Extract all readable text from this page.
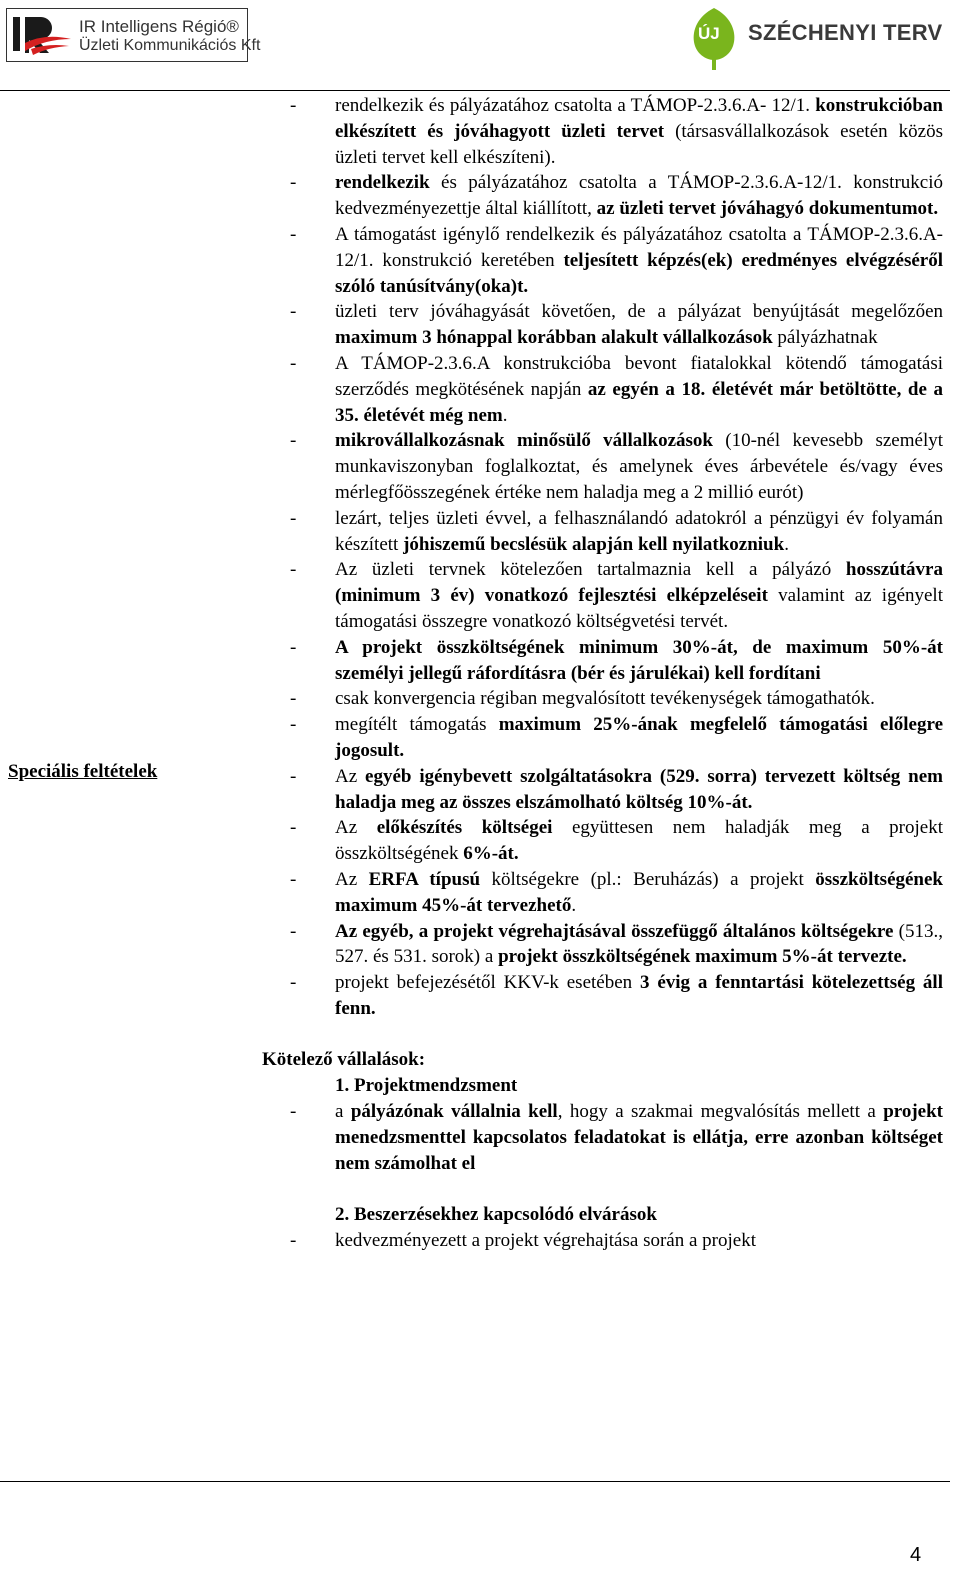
IR Intelligens Régió®
Üzleti Kommunikációs Kft
ÚJ SZÉCHENYI TERV
Speciális feltételek
- rendelkezik és pályázatához csatolta a TÁMOP-2.3.6.A- 12/1. konstrukcióban elkészített és jóváhagyott üzleti tervet (társasvállalkozások esetén közös üzleti tervet kell elkészíteni).
- rendelkezik és pályázatához csatolta a TÁMOP-2.3.6.A-12/1. konstrukció kedvezményezettje által kiállított, az üzleti tervet jóváhagyó dokumentumot.
- A támogatást igénylő rendelkezik és pályázatához csatolta a TÁMOP-2.3.6.A-12/1. konstrukció keretében teljesített képzés(ek) eredményes elvégzéséről szóló tanúsítvány(oka)t.
- üzleti terv jóváhagyását követően, de a pályázat benyújtását megelőzően maximum 3 hónappal korábban alakult vállalkozások pályázhatnak
- A TÁMOP-2.3.6.A konstrukcióba bevont fiatalokkal kötendő támogatási szerződés megkötésének napján az egyén a 18. életévét már betöltötte, de a 35. életévét még nem.
- mikrovállalkozásnak minősülő vállalkozások (10-nél kevesebb személyt munkaviszonyban foglalkoztat, és amelynek éves árbevétele és/vagy éves mérlegfőösszegének értéke nem haladja meg a 2 millió eurót)
- lezárt, teljes üzleti évvel, a felhasználandó adatokról a pénzügyi év folyamán készített jóhiszemű becslésük alapján kell nyilatkozniuk.
- Az üzleti tervnek kötelezően tartalmaznia kell a pályázó hosszútávra (minimum 3 év) vonatkozó fejlesztési elképzeléseit valamint az igényelt támogatási összegre vonatkozó költségvetési tervét.
- A projekt összköltségének minimum 30%-át, de maximum 50%-át személyi jellegű ráfordításra (bér és járulékai) kell fordítani
- csak konvergencia régiban megvalósított tevékenységek támogathatók.
- megítélt támogatás maximum 25%-ának megfelelő támogatási előlegre jogosult.
- Az egyéb igénybevett szolgáltatásokra (529. sorra) tervezett költség nem haladja meg az összes elszámolható költség 10%-át.
- Az előkészítés költségei együttesen nem haladják meg a projekt összköltségének 6%-át.
- Az ERFA típusú költségekre (pl.: Beruházás) a projekt összköltségének maximum 45%-át tervezhető.
- Az egyéb, a projekt végrehajtásával összefüggő általános költségekre (513., 527. és 531. sorok) a projekt összköltségének maximum 5%-át tervezte.
- projekt befejezésétől KKV-k esetében 3 évig a fenntartási kötelezettség áll fenn.
Kötelező vállalások:
1. Projektmendzsment
- a pályázónak vállalnia kell, hogy a szakmai megvalósítás mellett a projekt menedzsmenttel kapcsolatos feladatokat is ellátja, erre azonban költséget nem számolhat el
2. Beszerzésekhez kapcsolódó elvárások
- kedvezményezett a projekt végrehajtása során a projekt
4
